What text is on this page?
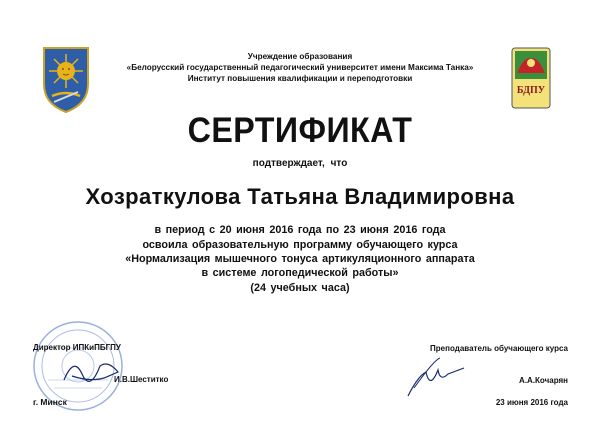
БДПУ
Учреждение образования
«Белорусский государственный педагогический университет имени Максима Танка»
Институт повышения квалификации и переподготовки
СЕРТИФИКАТ
подтверждает, что
Хозраткулова Татьяна Владимировна
в период с 20 июня 2016 года по 23 июня 2016 года
освоила образовательную программу обучающего курса
«Нормализация мышечного тонуса артикуляционного аппарата
в системе логопедической работы»
(24 учебных часа)
Директор ИПКиПБГПУ
И.В.Шеститко
г. Минск
Преподаватель обучающего курса
А.А.Кочарян
23 июня 2016 года
